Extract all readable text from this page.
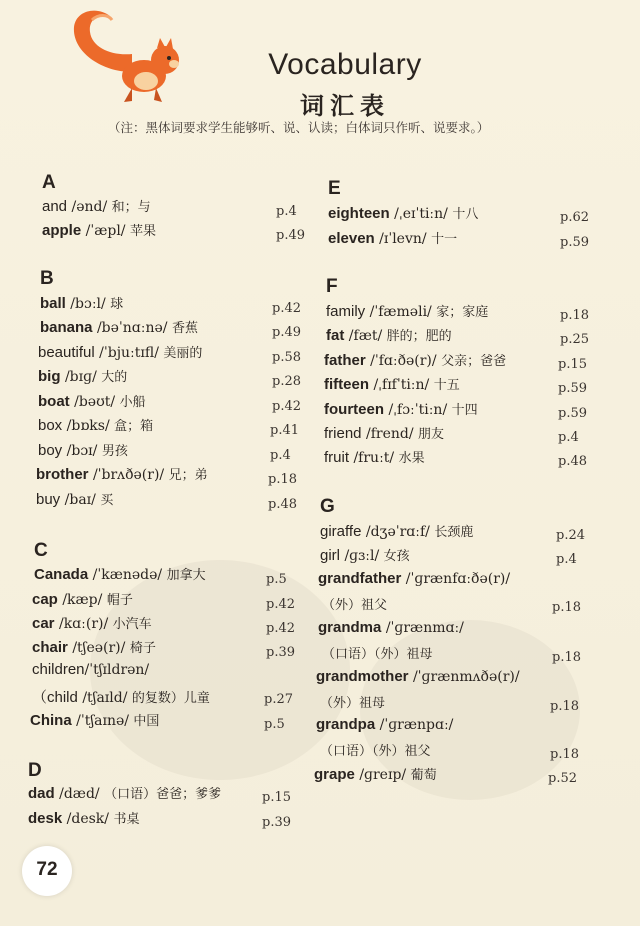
Vocabulary
词汇表
（注：黑体词要求学生能够听、说、认读；白体词只作听、说要求。）
A
and /ənd/ 和；与	p.4
apple /ˈæpl/ 苹果	p.49
B
ball /bɔːl/ 球	p.42
banana /bəˈnɑːnə/ 香蕉	p.49
beautiful /ˈbjuːtɪfl/ 美丽的	p.58
big /bɪɡ/ 大的	p.28
boat /bəʊt/ 小船	p.42
box /bɒks/ 盒；箱	p.41
boy /bɔɪ/ 男孩	p.4
brother /ˈbrʌðə(r)/ 兄；弟	p.18
buy /baɪ/ 买	p.48
C
Canada /ˈkænədə/ 加拿大	p.5
cap /kæp/ 帽子	p.42
car /kɑː(r)/ 小汽车	p.42
chair /tʃeə(r)/ 椅子	p.39
children/ˈtʃɪldrən/
（child /tʃaɪld/ 的复数）儿童	p.27
China /ˈtʃaɪnə/ 中国	p.5
D
dad /dæd/ （口语）爸爸；爹爹	p.15
desk /desk/ 书桌	p.39
E
eighteen /ˌeɪˈtiːn/ 十八	p.62
eleven /ɪˈlevn/ 十一	p.59
F
family /ˈfæməli/ 家；家庭	p.18
fat /fæt/ 胖的；肥的	p.25
father /ˈfɑːðə(r)/ 父亲；爸爸	p.15
fifteen /ˌfɪfˈtiːn/ 十五	p.59
fourteen /ˌfɔːˈtiːn/ 十四	p.59
friend /frend/ 朋友	p.4
fruit /fruːt/ 水果	p.48
G
giraffe /dʒəˈrɑːf/ 长颈鹿	p.24
girl /ɡɜːl/ 女孩	p.4
grandfather /ˈɡrænfɑːðə(r)/
（外）祖父	p.18
grandma /ˈɡrænmɑː/
（口语）（外）祖母	p.18
grandmother /ˈɡrænmʌðə(r)/
（外）祖母	p.18
grandpa /ˈɡrænpɑː/
（口语）（外）祖父	p.18
grape /ɡreɪp/ 葡萄	p.52
72
